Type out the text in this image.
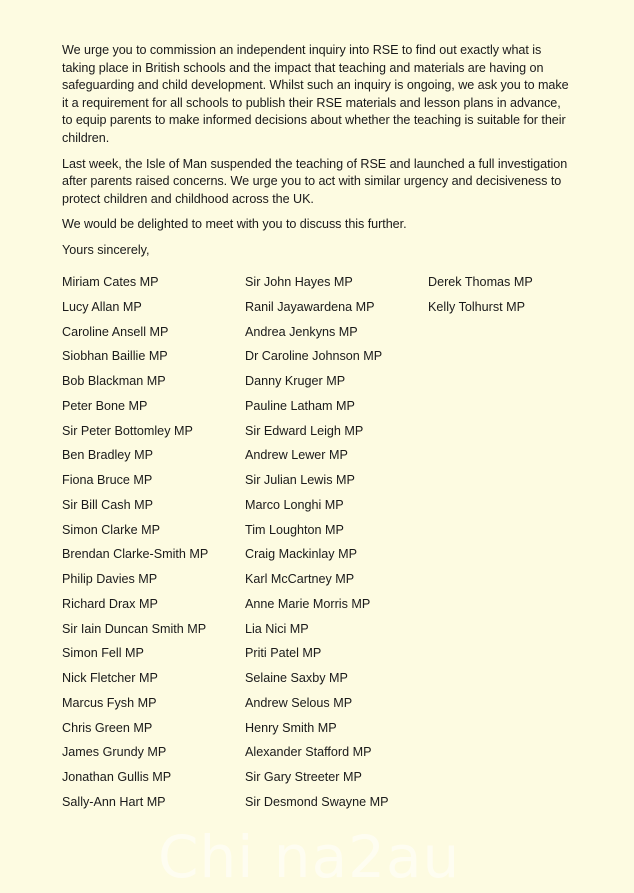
We urge you to commission an independent inquiry into RSE to find out exactly what is taking place in British schools and the impact that teaching and materials are having on safeguarding and child development. Whilst such an inquiry is ongoing, we ask you to make it a requirement for all schools to publish their RSE materials and lesson plans in advance, to equip parents to make informed decisions about whether the teaching is suitable for their children.

Last week, the Isle of Man suspended the teaching of RSE and launched a full investigation after parents raised concerns. We urge you to act with similar urgency and decisiveness to protect children and childhood across the UK.

We would be delighted to meet with you to discuss this further.

Yours sincerely,

Miriam Cates MP
Lucy Allan MP
Caroline Ansell MP
Siobhan Baillie MP
Bob Blackman MP
Peter Bone MP
Sir Peter Bottomley MP
Ben Bradley MP
Fiona Bruce MP
Sir Bill Cash MP
Simon Clarke MP
Brendan Clarke-Smith MP
Philip Davies MP
Richard Drax MP
Sir Iain Duncan Smith MP
Simon Fell MP
Nick Fletcher MP
Marcus Fysh MP
Chris Green MP
James Grundy MP
Jonathan Gullis MP
Sally-Ann Hart MP
Sir John Hayes MP
Ranil Jayawardena MP
Andrea Jenkyns MP
Dr Caroline Johnson MP
Danny Kruger MP
Pauline Latham MP
Sir Edward Leigh MP
Andrew Lewer MP
Sir Julian Lewis MP
Marco Longhi MP
Tim Loughton MP
Craig Mackinlay MP
Karl McCartney MP
Anne Marie Morris MP
Lia Nici MP
Priti Patel MP
Selaine Saxby MP
Andrew Selous MP
Henry Smith MP
Alexander Stafford MP
Sir Gary Streeter MP
Sir Desmond Swayne MP
Derek Thomas MP
Kelly Tolhurst MP
Chi na2au
